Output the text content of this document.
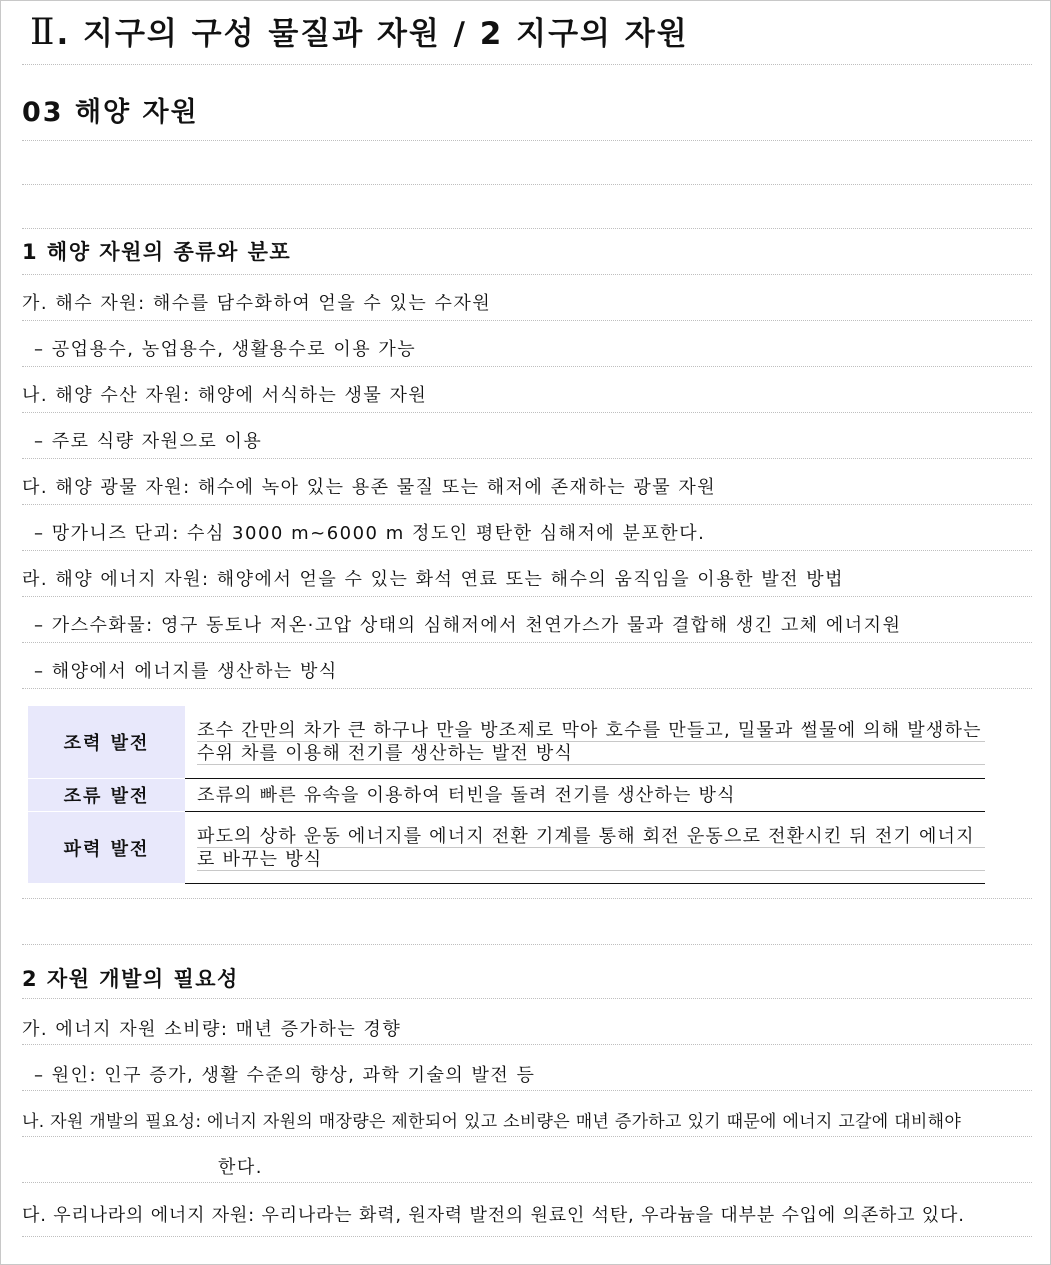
Ⅱ. 지구의 구성 물질과 자원 / 2 지구의 자원
03 해양 자원
1 해양 자원의 종류와 분포
가. 해수 자원: 해수를 담수화하여 얻을 수 있는 수자원
– 공업용수, 농업용수, 생활용수로 이용 가능
나. 해양 수산 자원: 해양에 서식하는 생물 자원
– 주로 식량 자원으로 이용
다. 해양 광물 자원: 해수에 녹아 있는 용존 물질 또는 해저에 존재하는 광물 자원
– 망가니즈 단괴: 수심 3000 m~6000 m 정도인 평탄한 심해저에 분포한다.
라. 해양 에너지 자원: 해양에서 얻을 수 있는 화석 연료 또는 해수의 움직임을 이용한 발전 방법
– 가스수화물: 영구 동토나 저온·고압 상태의 심해저에서 천연가스가 물과 결합해 생긴 고체 에너지원
– 해양에서 에너지를 생산하는 방식
조력 발전	조수 간만의 차가 큰 하구나 만을 방조제로 막아 호수를 만들고, 밀물과 썰물에 의해 발생하는 수위 차를 이용해 전기를 생산하는 발전 방식

조류 발전	조류의 빠른 유속을 이용하여 터빈을 돌려 전기를 생산하는 방식

파력 발전	파도의 상하 운동 에너지를 에너지 전환 기계를 통해 회전 운동으로 전환시킨 뒤 전기 에너지로 바꾸는 방식
2 자원 개발의 필요성
가. 에너지 자원 소비량: 매년 증가하는 경향
– 원인: 인구 증가, 생활 수준의 향상, 과학 기술의 발전 등
나. 자원 개발의 필요성: 에너지 자원의 매장량은 제한되어 있고 소비량은 매년 증가하고 있기 때문에 에너지 고갈에 대비해야
한다.
다. 우리나라의 에너지 자원: 우리나라는 화력, 원자력 발전의 원료인 석탄, 우라늄을 대부분 수입에 의존하고 있다.
